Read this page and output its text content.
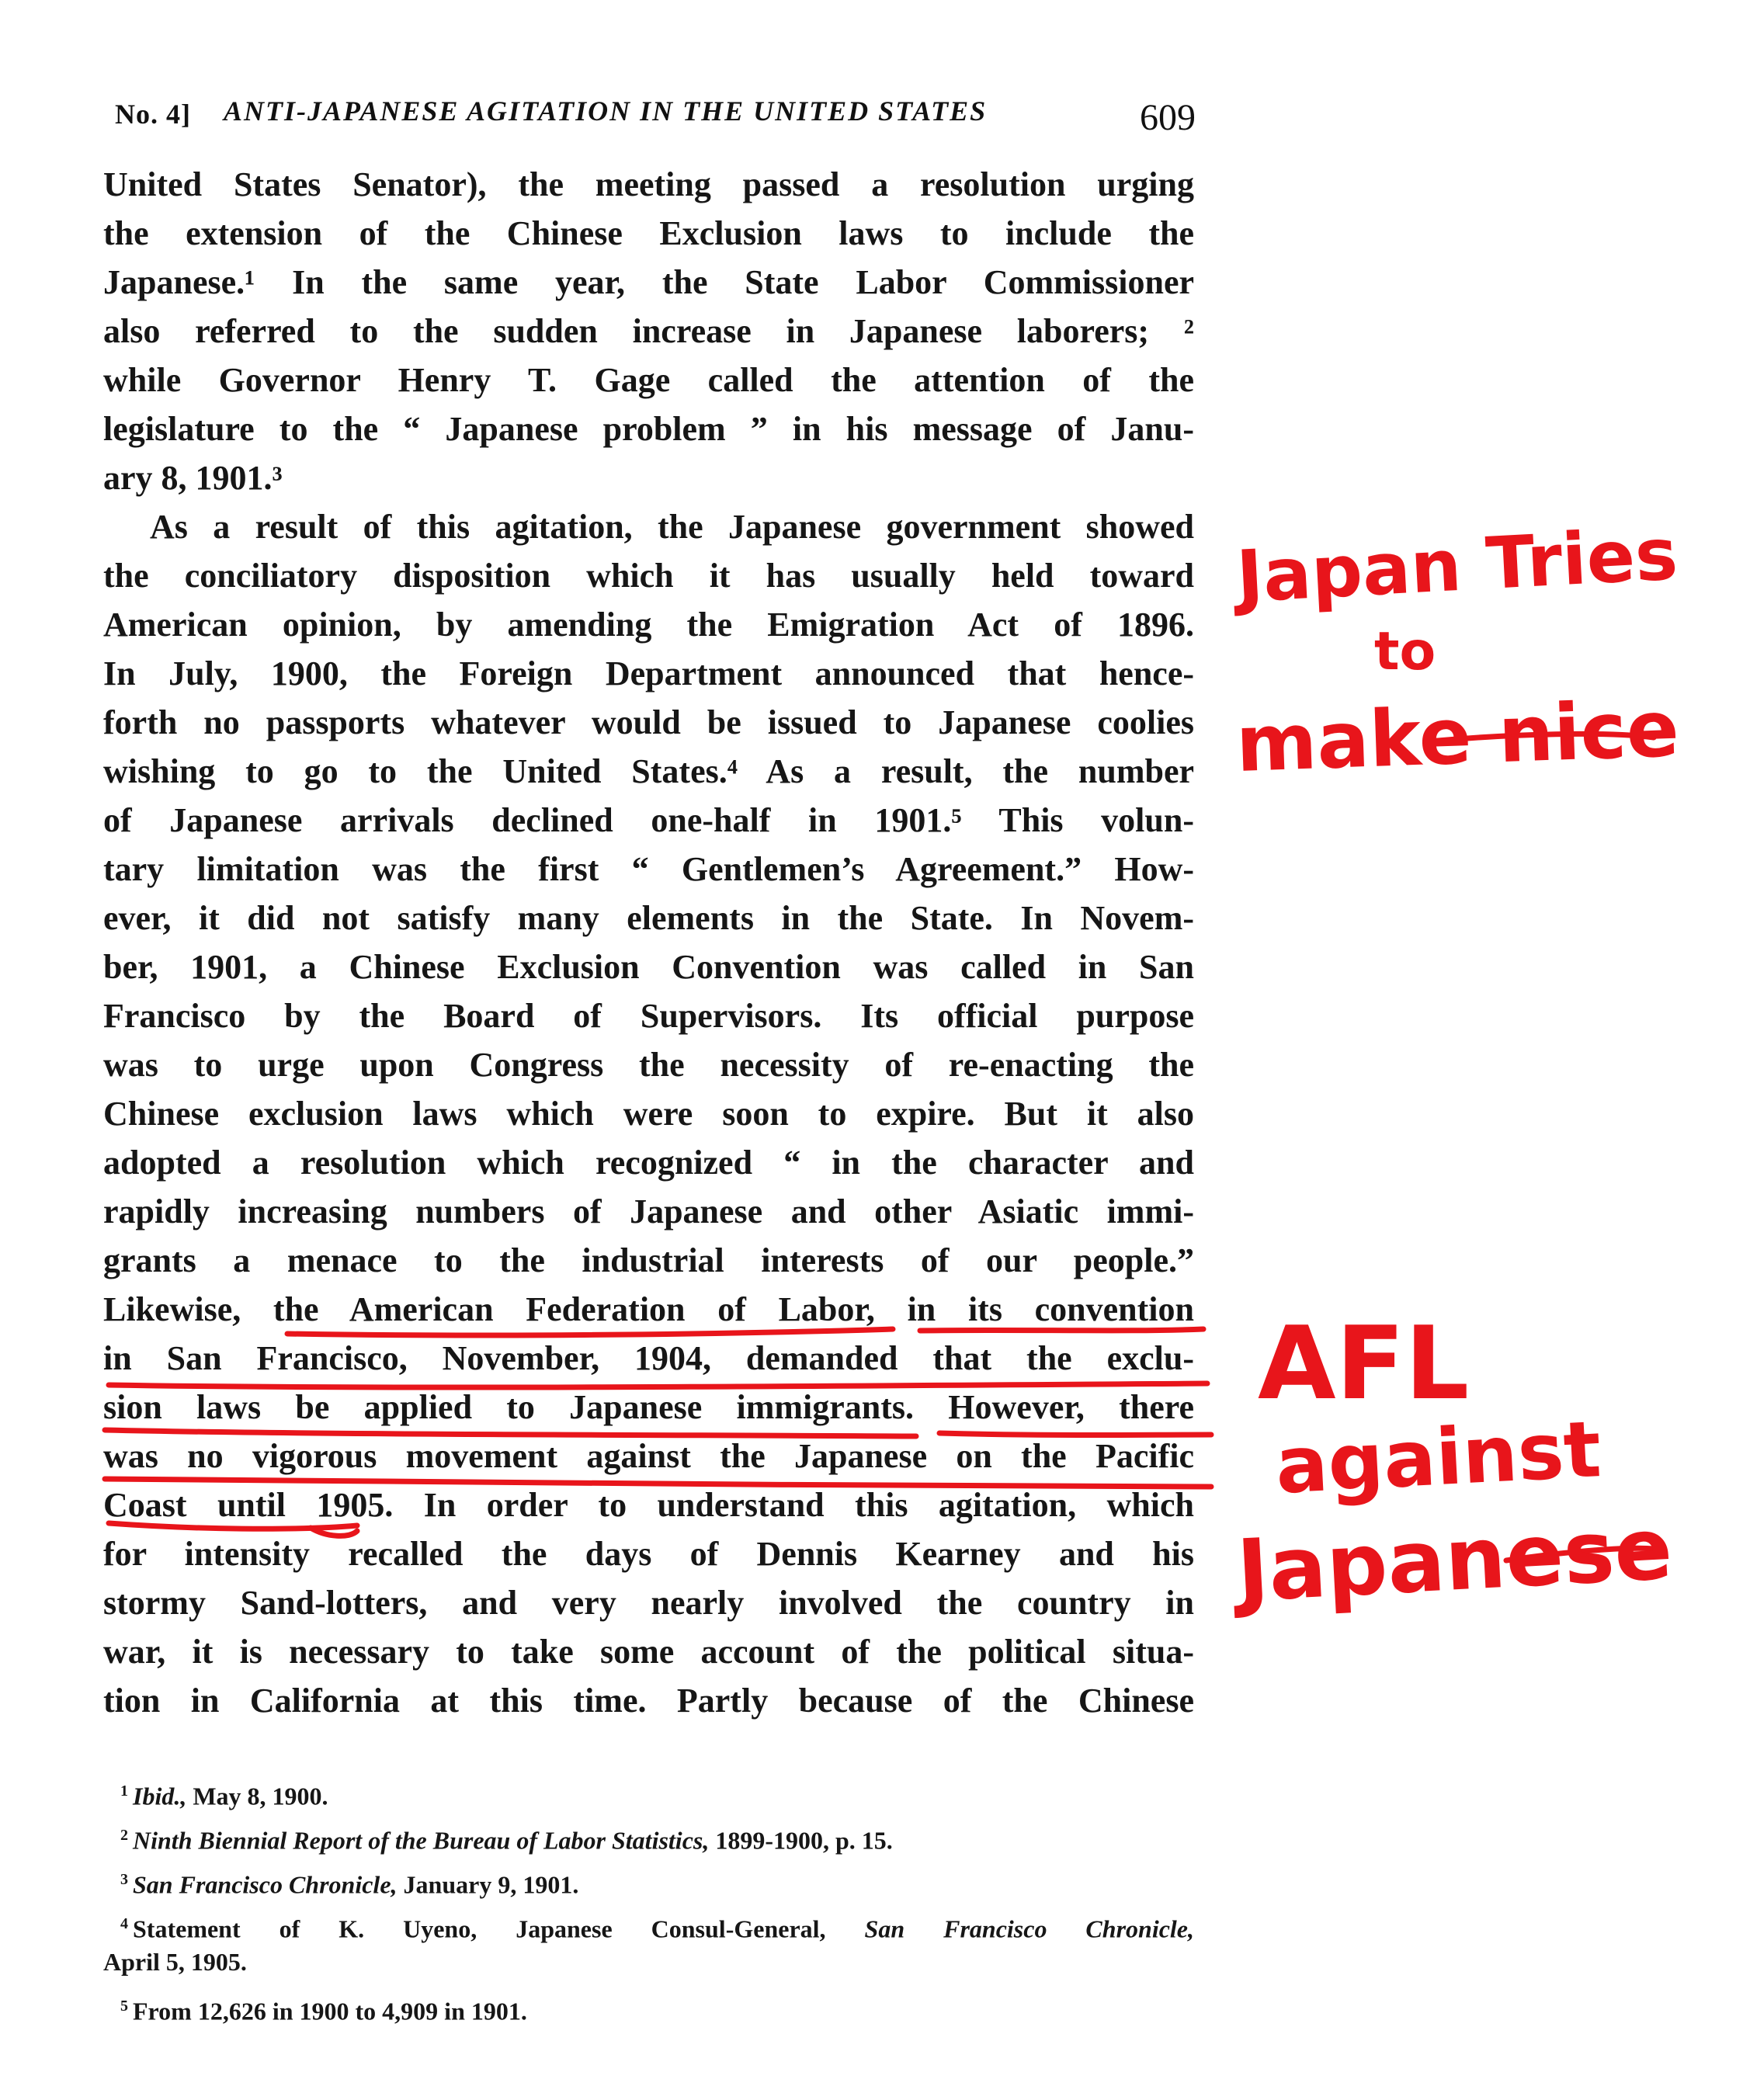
No. 4] ANTI-JAPANESE AGITATION IN THE UNITED STATES	609
United States Senator), the meeting passed a resolution urging
the extension of the Chinese Exclusion laws to include the
Japanese.¹ In the same year, the State Labor Commissioner
also referred to the sudden increase in Japanese laborers; ²
while Governor Henry T. Gage called the attention of the
legislature to the “ Japanese problem ” in his message of Janu-
ary 8, 1901.³
As a result of this agitation, the Japanese government showed
the conciliatory disposition which it has usually held toward
American opinion, by amending the Emigration Act of 1896.
In July, 1900, the Foreign Department announced that hence-
forth no passports whatever would be issued to Japanese coolies
wishing to go to the United States.⁴ As a result, the number
of Japanese arrivals declined one-half in 1901.⁵ This volun-
tary limitation was the first “ Gentlemen’s Agreement.” How-
ever, it did not satisfy many elements in the State. In Novem-
ber, 1901, a Chinese Exclusion Convention was called in San
Francisco by the Board of Supervisors. Its official purpose
was to urge upon Congress the necessity of re-enacting the
Chinese exclusion laws which were soon to expire. But it also
adopted a resolution which recognized “ in the character and
rapidly increasing numbers of Japanese and other Asiatic immi-
grants a menace to the industrial interests of our people.”
Likewise, the American Federation of Labor, in its convention
in San Francisco, November, 1904, demanded that the exclu-
sion laws be applied to Japanese immigrants. However, there
was no vigorous movement against the Japanese on the Pacific
Coast until 1905. In order to understand this agitation, which
for intensity recalled the days of Dennis Kearney and his
stormy Sand-lotters, and very nearly involved the country in
war, it is necessary to take some account of the political situa-
tion in California at this time. Partly because of the Chinese
$^1$ Ibid., May 8, 1900.
$^2$ Ninth Biennial Report of the Bureau of Labor Statistics, 1899-1900, p. 15.
$^3$ San Francisco Chronicle, January 9, 1901.
$^4$ Statement of K. Uyeno, Japanese Consul-General, San Francisco Chronicle,
April 5, 1905.
$^5$ From 12,626 in 1900 to 4,909 in 1901.
Japan Tries
to
make nice
AFL
against
Japanese
